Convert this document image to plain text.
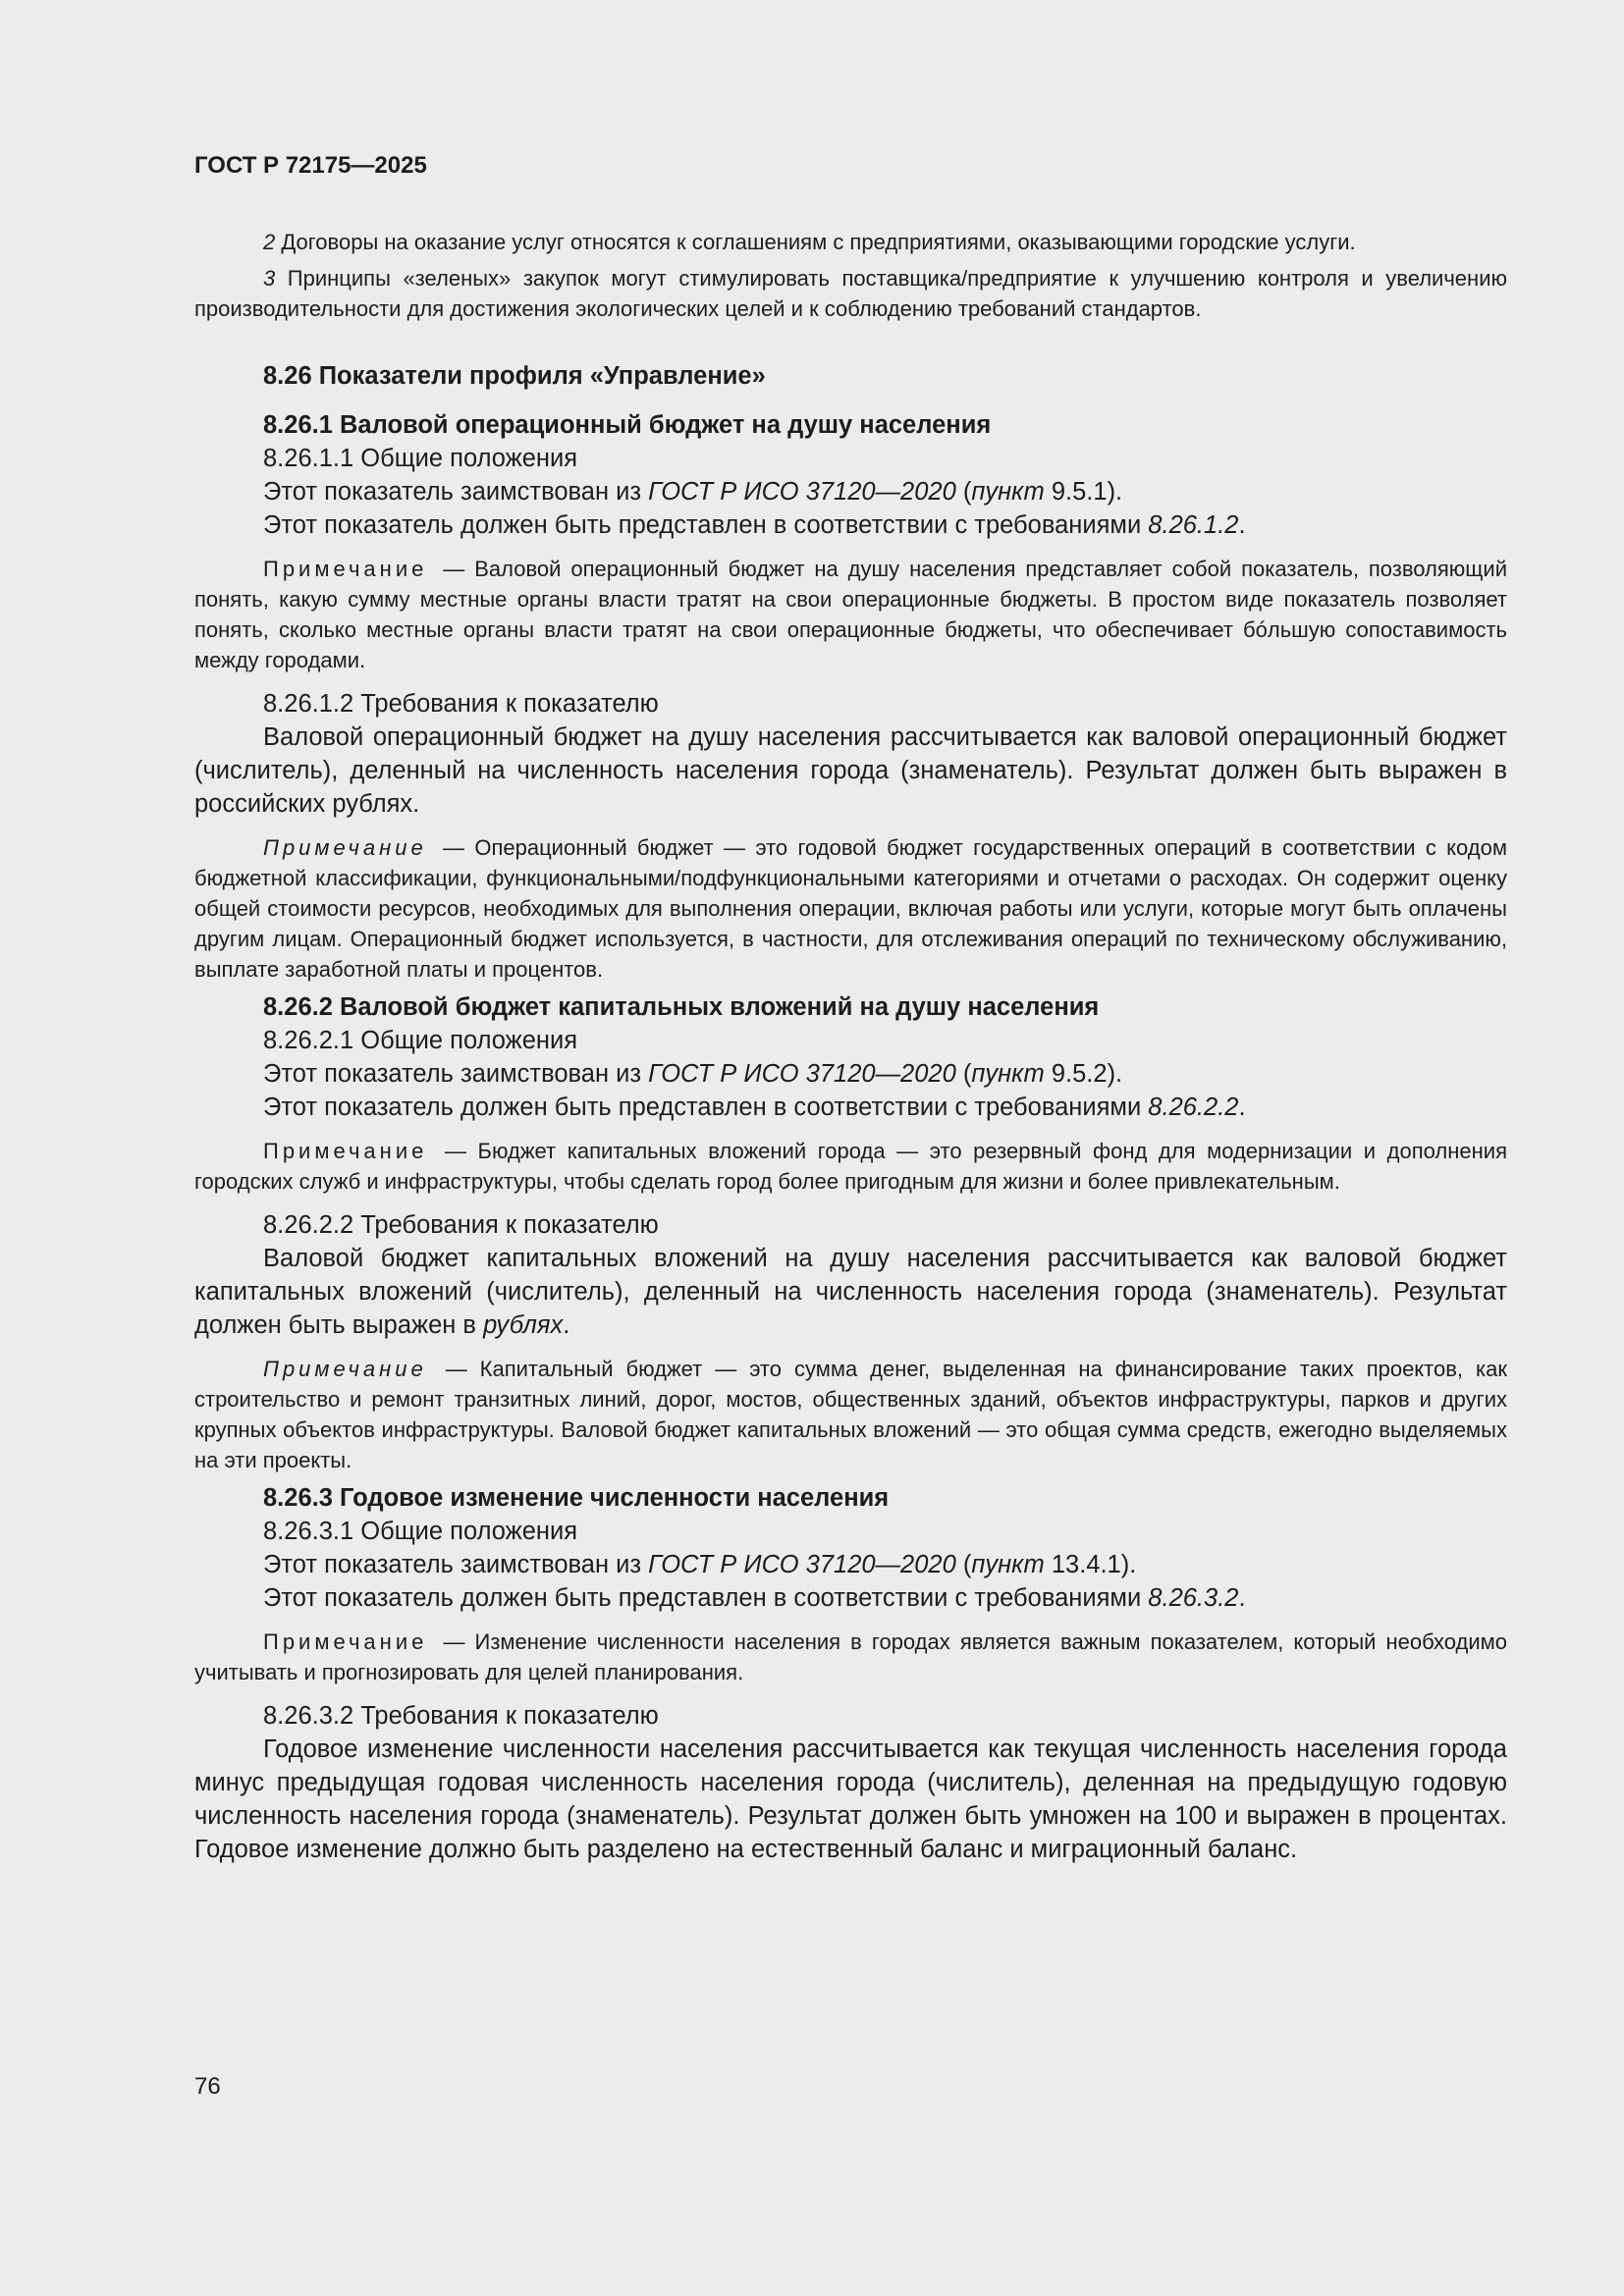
ГОСТ Р 72175—2025

2 Договоры на оказание услуг относятся к соглашениям с предприятиями, оказывающими городские услуги.

3 Принципы «зеленых» закупок могут стимулировать поставщика/предприятие к улучшению контроля и увеличению производительности для достижения экологических целей и к соблюдению требований стандартов.

8.26 Показатели профиля «Управление»

8.26.1 Валовой операционный бюджет на душу населения

8.26.1.1 Общие положения

Этот показатель заимствован из ГОСТ Р ИСО 37120—2020 (пункт 9.5.1).

Этот показатель должен быть представлен в соответствии с требованиями 8.26.1.2.

Примечание — Валовой операционный бюджет на душу населения представляет собой показатель, позволяющий понять, какую сумму местные органы власти тратят на свои операционные бюджеты. В простом виде показатель позволяет понять, сколько местные органы власти тратят на свои операционные бюджеты, что обеспечивает бóльшую сопоставимость между городами.

8.26.1.2 Требования к показателю

Валовой операционный бюджет на душу населения рассчитывается как валовой операционный бюджет (числитель), деленный на численность населения города (знаменатель). Результат должен быть выражен в российских рублях.

Примечание — Операционный бюджет — это годовой бюджет государственных операций в соответствии с кодом бюджетной классификации, функциональными/подфункциональными категориями и отчетами о расходах. Он содержит оценку общей стоимости ресурсов, необходимых для выполнения операции, включая работы или услуги, которые могут быть оплачены другим лицам. Операционный бюджет используется, в частности, для отслеживания операций по техническому обслуживанию, выплате заработной платы и процентов.

8.26.2 Валовой бюджет капитальных вложений на душу населения

8.26.2.1 Общие положения

Этот показатель заимствован из ГОСТ Р ИСО 37120—2020 (пункт 9.5.2).

Этот показатель должен быть представлен в соответствии с требованиями 8.26.2.2.

Примечание — Бюджет капитальных вложений города — это резервный фонд для модернизации и дополнения городских служб и инфраструктуры, чтобы сделать город более пригодным для жизни и более привлекательным.

8.26.2.2 Требования к показателю

Валовой бюджет капитальных вложений на душу населения рассчитывается как валовой бюджет капитальных вложений (числитель), деленный на численность населения города (знаменатель). Результат должен быть выражен в рублях.

Примечание — Капитальный бюджет — это сумма денег, выделенная на финансирование таких проектов, как строительство и ремонт транзитных линий, дорог, мостов, общественных зданий, объектов инфраструктуры, парков и других крупных объектов инфраструктуры. Валовой бюджет капитальных вложений — это общая сумма средств, ежегодно выделяемых на эти проекты.

8.26.3 Годовое изменение численности населения

8.26.3.1 Общие положения

Этот показатель заимствован из ГОСТ Р ИСО 37120—2020 (пункт 13.4.1).

Этот показатель должен быть представлен в соответствии с требованиями 8.26.3.2.

Примечание — Изменение численности населения в городах является важным показателем, который необходимо учитывать и прогнозировать для целей планирования.

8.26.3.2 Требования к показателю

Годовое изменение численности населения рассчитывается как текущая численность населения города минус предыдущая годовая численность населения города (числитель), деленная на предыдущую годовую численность населения города (знаменатель). Результат должен быть умножен на 100 и выражен в процентах. Годовое изменение должно быть разделено на естественный баланс и миграционный баланс.

76
